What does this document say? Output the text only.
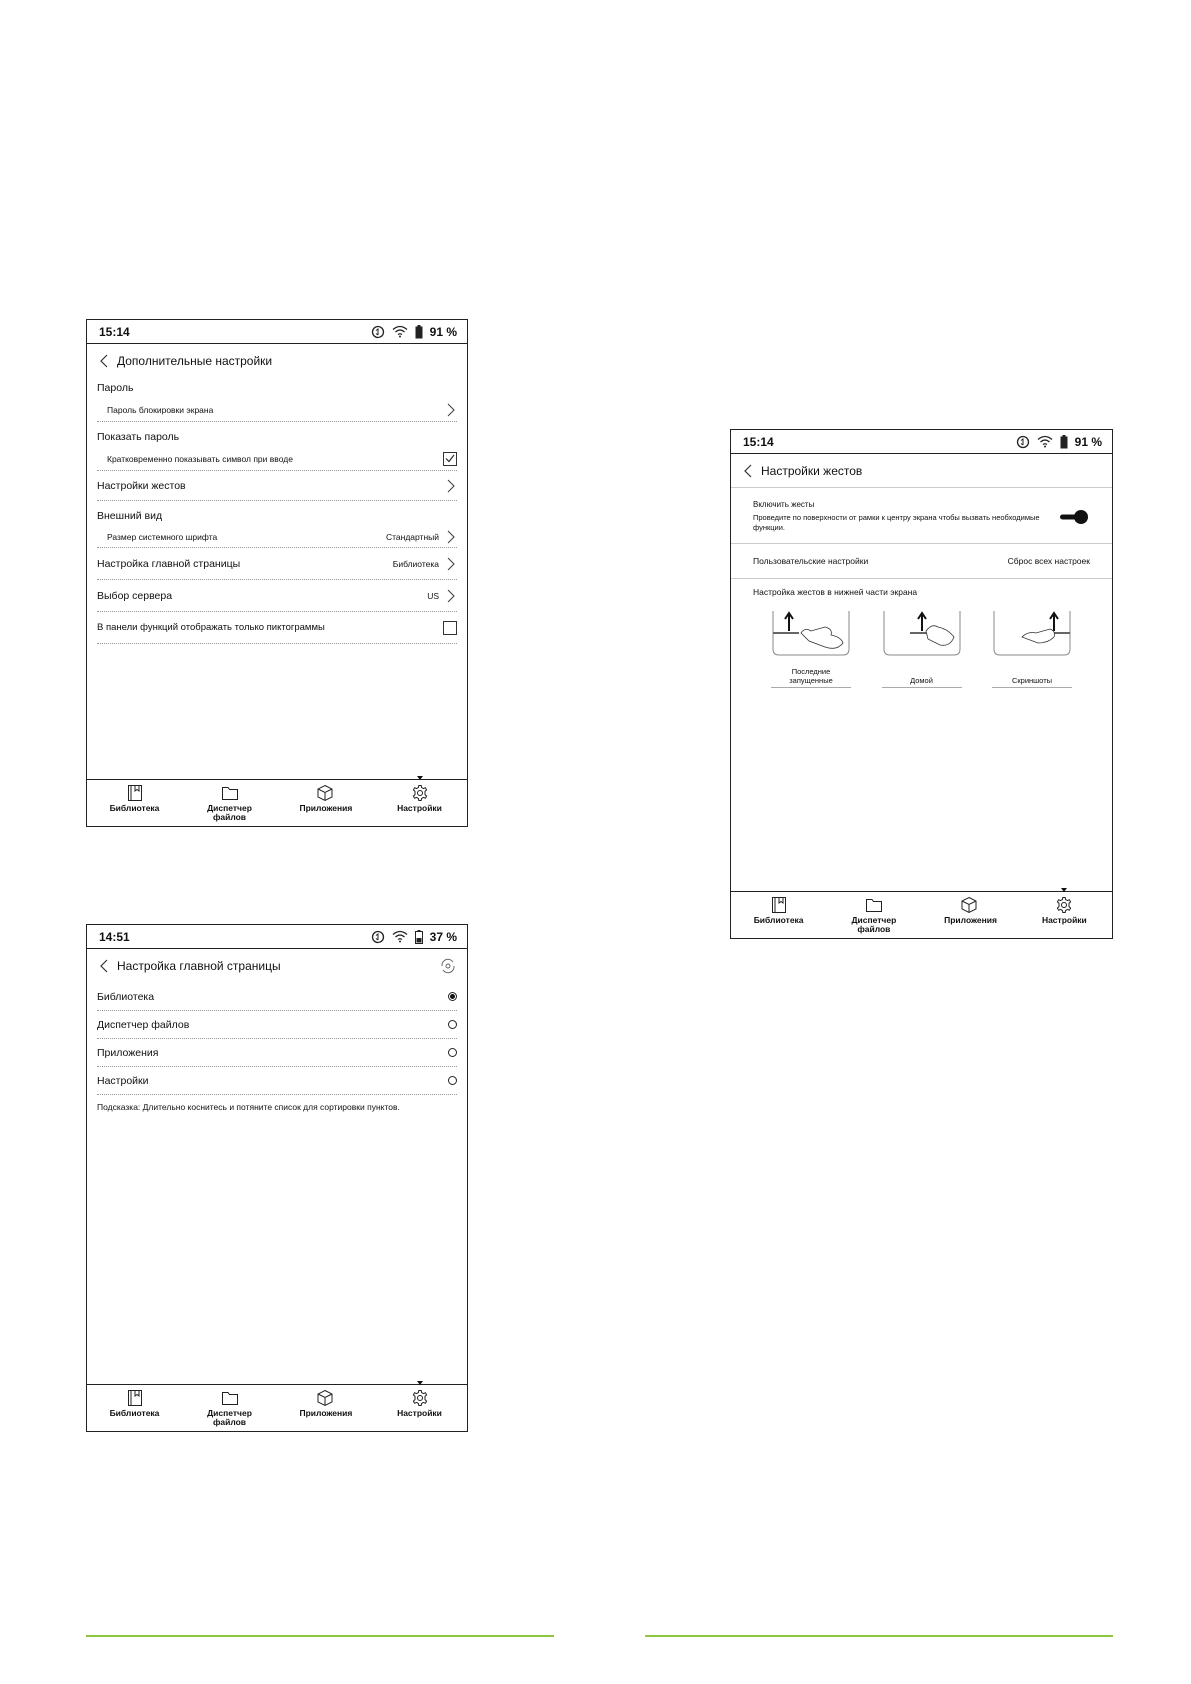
15:14	91 %
Дополнительные настройки
Пароль
Пароль блокировки экрана
Показать пароль
Кратковременно показывать символ при вводе
Настройки жестов
Внешний вид
Размер системного шрифта	Стандартный
Настройка главной страницы	Библиотека
Выбор сервера	US
В панели функций отображать только пиктограммы
Библиотека	Диспетчер файлов
Приложения	Настройки
14:51	37 %
Настройка главной страницы
Библиотека
Диспетчер файлов
Приложения
Настройки
Подсказка: Длительно коснитесь и потяните список для сортировки пунктов.
Библиотека	Диспетчер файлов
Приложения	Настройки
15:14	91 %
Настройки жестов
Включить жесты
Проведите по поверхности от рамки к центру экрана чтобы вызвать необходимые функции.
Пользовательские настройки	Сброс всех настроек
Настройка жестов в нижней части экрана
Последние запущенные	Домой	Скриншоты
Библиотека	Диспетчер файлов
Приложения	Настройки
